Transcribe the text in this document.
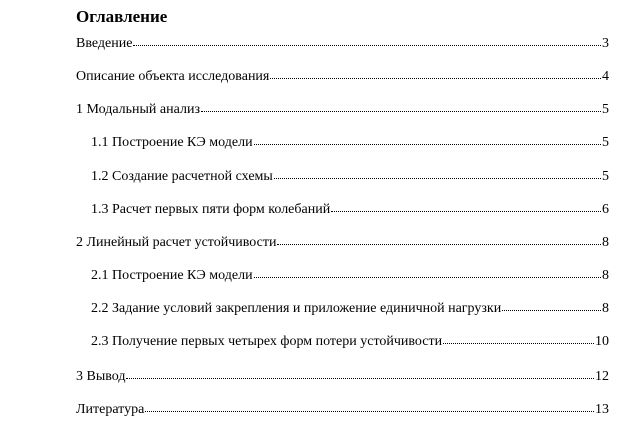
Оглавление
Введение	3
Описание объекта исследования	4
1 Модальный анализ	5
1.1 Построение КЭ модели	5
1.2 Создание расчетной схемы	5
1.3 Расчет первых пяти форм колебаний	6
2 Линейный расчет устойчивости	8
2.1 Построение КЭ модели	8
2.2 Задание условий закрепления и приложение единичной нагрузки	8
2.3 Получение первых четырех форм потери устойчивости	10
3 Вывод	12
Литература	13
